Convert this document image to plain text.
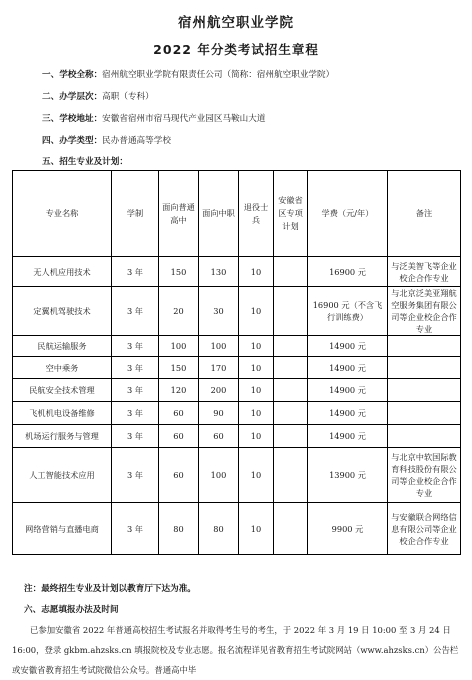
宿州航空职业学院
2022 年分类考试招生章程
一、学校全称：宿州航空职业学院有限责任公司（简称：宿州航空职业学院）
二、办学层次：高职（专科）
三、学校地址：安徽省宿州市宿马现代产业园区马鞍山大道
四、办学类型：民办普通高等学校
五、招生专业及计划：
专业名称	学制	面向普通高中	面向中职	退役士兵	安徽省区专项计划	学费（元/年）	备注
无人机应用技术	3 年	150	130	10		16900 元	与泛美智飞等企业校企合作专业
定翼机驾驶技术	3 年	20	30	10		16900 元（不含飞行训练费）	与北京泛美亚翔航空服务集团有限公司等企业校企合作专业
民航运输服务	3 年	100	100	10		14900 元	
空中乘务	3 年	150	170	10		14900 元	
民航安全技术管理	3 年	120	200	10		14900 元	
飞机机电设备维修	3 年	60	90	10		14900 元	
机场运行服务与管理	3 年	60	60	10		14900 元	
人工智能技术应用	3 年	60	100	10		13900 元	与北京中软国际教育科技股份有限公司等企业校企合作专业
网络营销与直播电商	3 年	80	80	10		9900 元	与安徽联合网络信息有限公司等企业校企合作专业
注：最终招生专业及计划以教育厅下达为准。
六、志愿填报办法及时间
已参加安徽省 2022 年普通高校招生考试报名并取得考生号的考生，于 2022 年 3 月 19 日 10:00 至 3 月 24 日 16:00，登录 gkbm.ahzsks.cn 填报院校及专业志愿。报名流程详见省教育招生考试院网站（www.ahzsks.cn）公告栏或安徽省教育招生考试院微信公众号。普通高中毕
